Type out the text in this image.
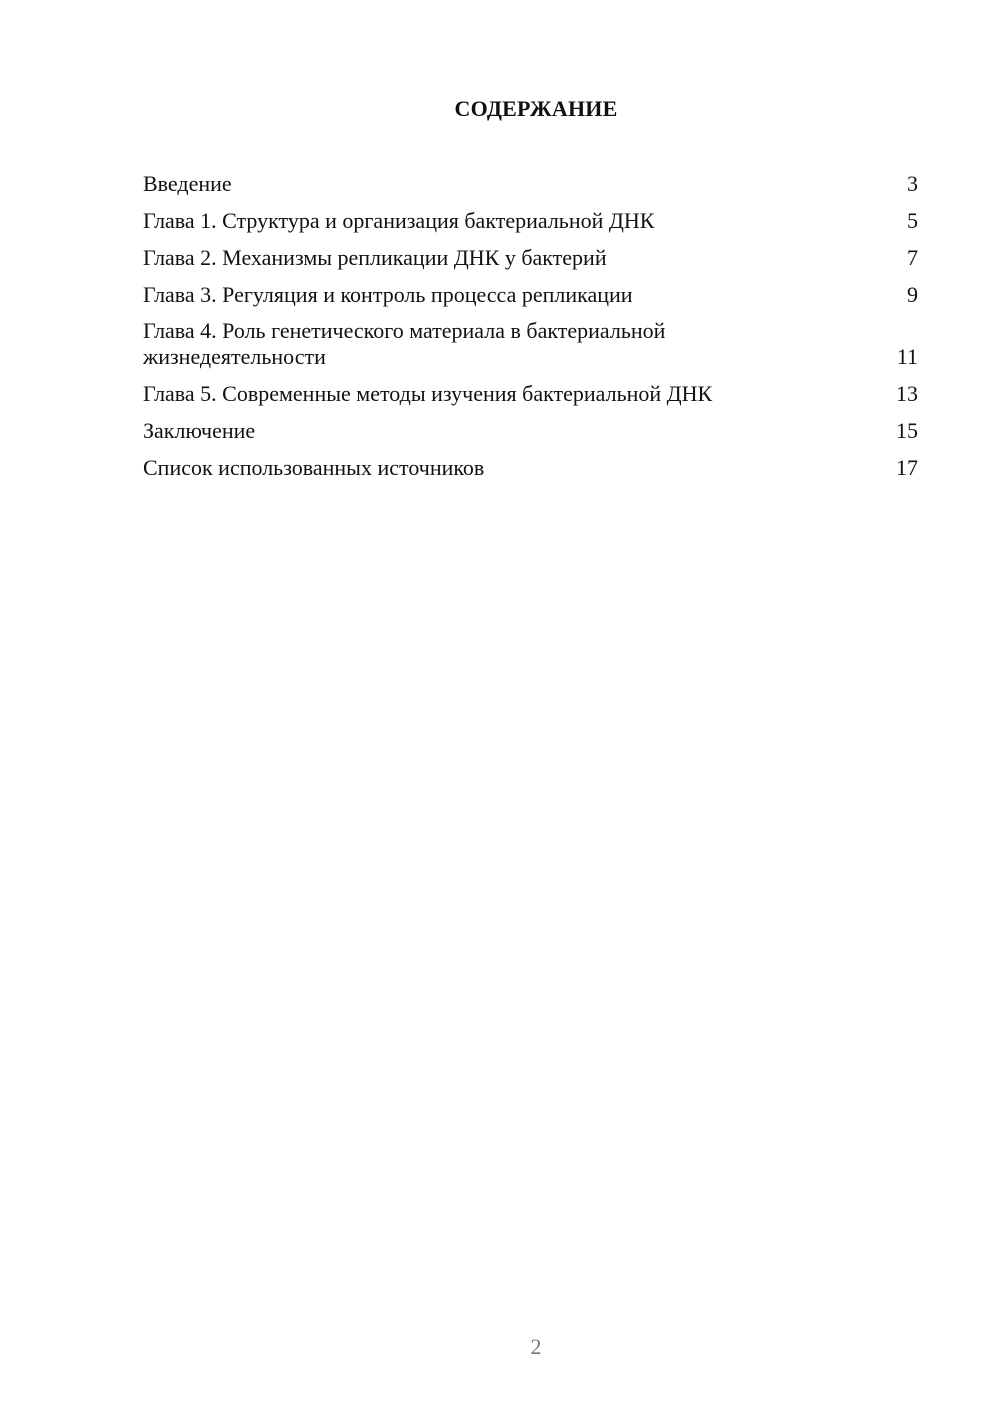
СОДЕРЖАНИЕ
Введение	3
Глава 1. Структура и организация бактериальной ДНК	5
Глава 2. Механизмы репликации ДНК у бактерий	7
Глава 3. Регуляция и контроль процесса репликации	9
Глава 4. Роль генетического материала в бактериальной жизнедеятельности	11
Глава 5. Современные методы изучения бактериальной ДНК	13
Заключение	15
Список использованных источников	17
2
